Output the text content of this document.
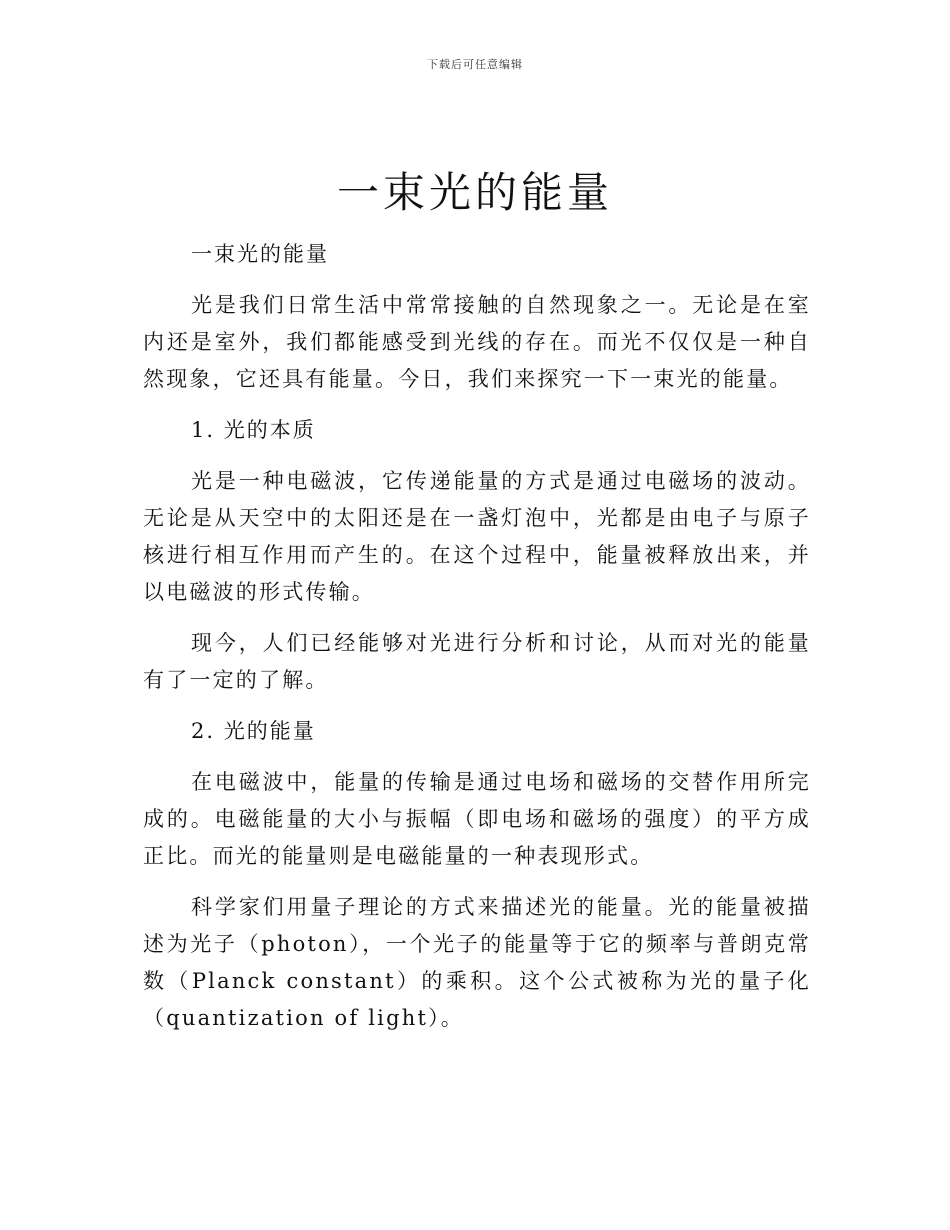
下载后可任意编辑
一束光的能量

一束光的能量

光是我们日常生活中常常接触的自然现象之一。无论是在室内还是室外，我们都能感受到光线的存在。而光不仅仅是一种自然现象，它还具有能量。今日，我们来探究一下一束光的能量。

1. 光的本质

光是一种电磁波，它传递能量的方式是通过电磁场的波动。无论是从天空中的太阳还是在一盏灯泡中，光都是由电子与原子核进行相互作用而产生的。在这个过程中，能量被释放出来，并以电磁波的形式传输。

现今，人们已经能够对光进行分析和讨论，从而对光的能量有了一定的了解。

2. 光的能量

在电磁波中，能量的传输是通过电场和磁场的交替作用所完成的。电磁能量的大小与振幅（即电场和磁场的强度）的平方成正比。而光的能量则是电磁能量的一种表现形式。

科学家们用量子理论的方式来描述光的能量。光的能量被描述为光子（photon），一个光子的能量等于它的频率与普朗克常数（Planck constant）的乘积。这个公式被称为光的量子化（quantization of light）。
